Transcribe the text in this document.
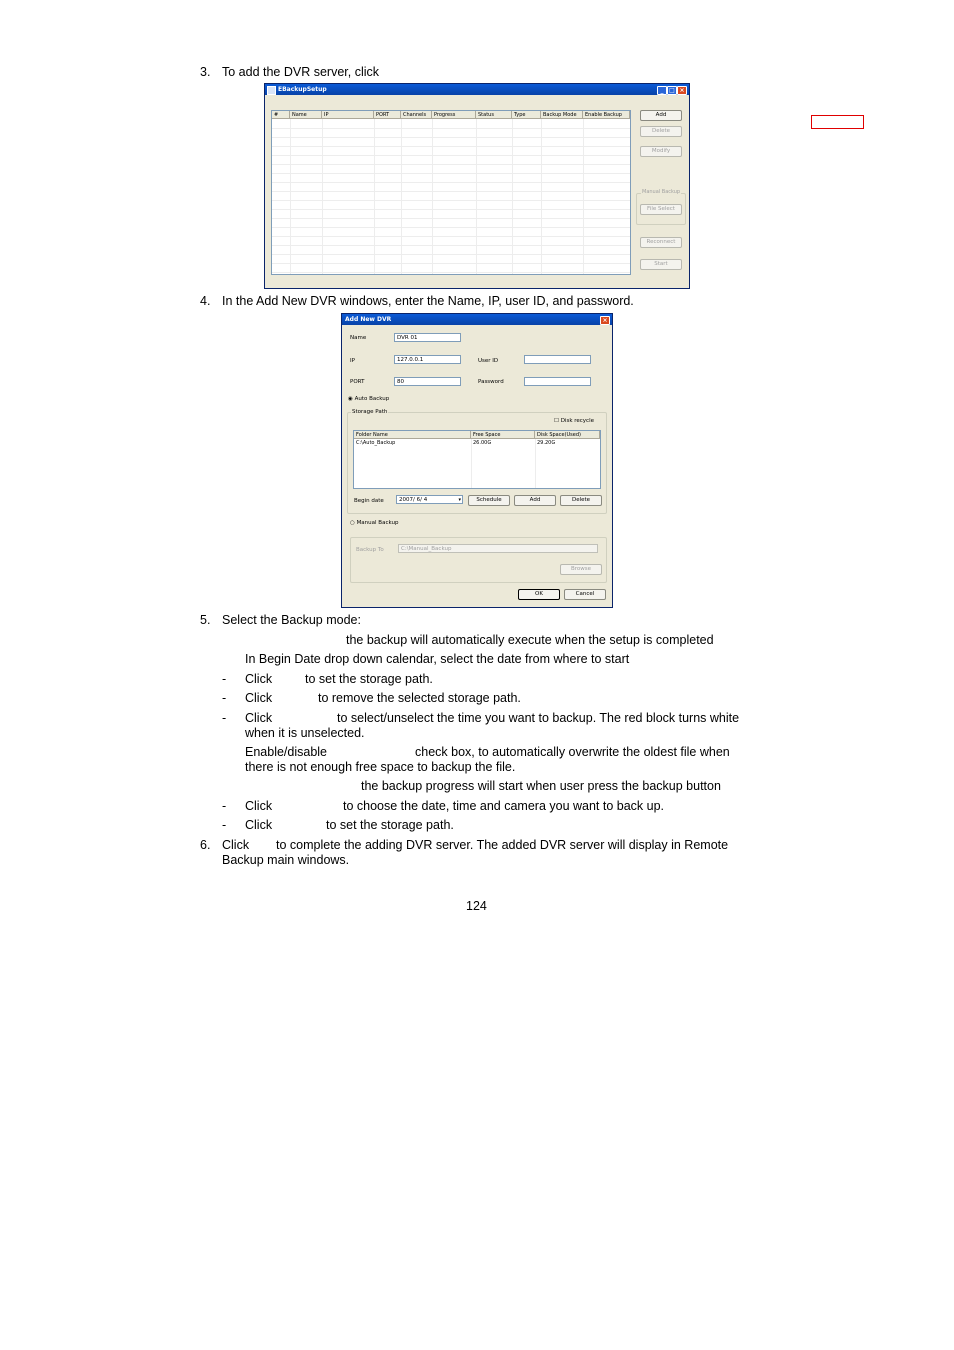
3. To add the DVR server, click
EBackupSetup	_ □ ×
#	Name	IP	PORT	Channels	Progress	Status	Type	Backup Mode	Enable Backup	Add
Delete
Modify
Manual Backup
File Select
Reconnect
Start
4. In the Add New DVR windows, enter the Name, IP, user ID, and password.
Add New DVR	×
Name	DVR 01
IP	127.0.0.1	User ID
PORT	80	Password
◉ Auto Backup
Storage Path
☐ Disk recycle
Folder Name	Free Space	Disk Space(Used)
C:\Auto_Backup	26.00G	29.20G
Begin date	2007/ 6/ 4	▾	Schedule	Add	Delete
○ Manual Backup
Backup To	C:\Manual_Backup
Browse
OK	Cancel
5. Select the Backup mode:
the backup will automatically execute when the setup is completed
In Begin Date drop down calendar, select the date from where to start
- Click	to set the storage path.
- Click	to remove the selected storage path.
- Click	to select/unselect the time you want to backup. The red block turns white
when it is unselected.
Enable/disable	check box, to automatically overwrite the oldest file when
there is not enough free space to backup the file.
the backup progress will start when user press the backup button
- Click	to choose the date, time and camera you want to back up.
- Click	to set the storage path.
6. Click to complete the adding DVR server. The added DVR server will display in Remote
Backup main windows.
124
